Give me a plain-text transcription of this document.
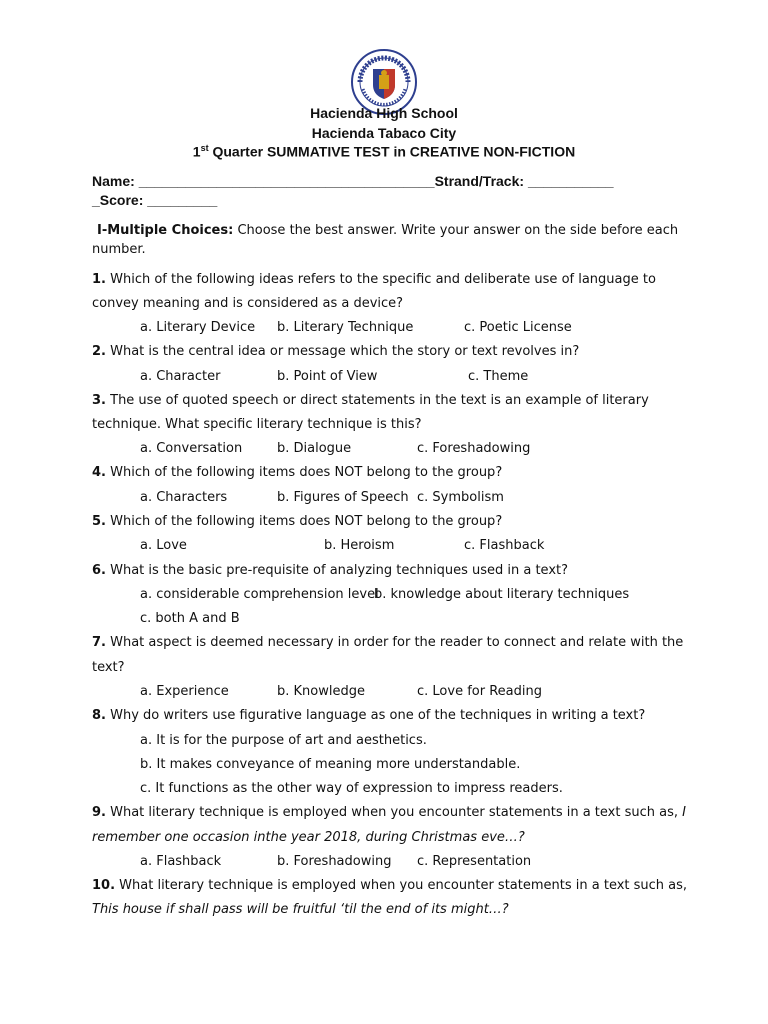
Hacienda High School
Hacienda Tabaco City
1st Quarter SUMMATIVE TEST in CREATIVE NON-FICTION
Name: ______________________________________Strand/Track: ___________
_Score: _________
I-Multiple Choices: Choose the best answer. Write your answer on the side before each
number.
1. Which of the following ideas refers to the specific and deliberate use of language to
convey meaning and is considered as a device?
a. Literary Device b. Literary Technique	c. Poetic License
2. What is the central idea or message which the story or text revolves in?
a. Character	b. Point of View	c. Theme
3. The use of quoted speech or direct statements in the text is an example of literary
technique. What specific literary technique is this?
a. Conversation	b. Dialogue	c. Foreshadowing
4. Which of the following items does NOT belong to the group?
a. Characters	b. Figures of Speech c. Symbolism
5. Which of the following items does NOT belong to the group?
a. Love	b. Heroism	c. Flashback
6. What is the basic pre-requisite of analyzing techniques used in a text?
a. considerable comprehension level
b. knowledge about literary techniques
c. both A and B
7. What aspect is deemed necessary in order for the reader to connect and relate with the
text?
a. Experience	b. Knowledge	c. Love for Reading
8. Why do writers use figurative language as one of the techniques in writing a text?
a. It is for the purpose of art and aesthetics.
b. It makes conveyance of meaning more understandable.
c. It functions as the other way of expression to impress readers.
9. What literary technique is employed when you encounter statements in a text such as, I
remember one occasion inthe year 2018, during Christmas eve…?
a. Flashback	b. Foreshadowing c. Representation
10. What literary technique is employed when you encounter statements in a text such as,
This house if shall pass will be fruitful ‘til the end of its might…?
